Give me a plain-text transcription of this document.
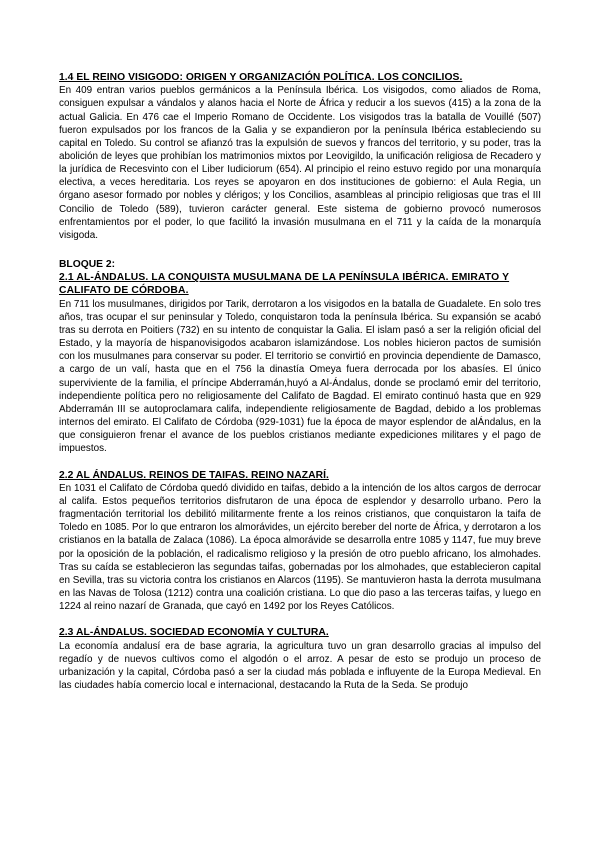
1.4 EL REINO VISIGODO: ORIGEN Y ORGANIZACIÓN POLÍTICA. LOS CONCILIOS.

En 409 entran varios pueblos germánicos a la Península Ibérica. Los visigodos, como aliados de Roma, consiguen expulsar a vándalos y alanos hacia el Norte de África y reducir a los suevos (415) a la zona de la actual Galicia. En 476 cae el Imperio Romano de Occidente. Los visigodos tras la batalla de Vouillé (507) fueron expulsados por los francos de la Galia y se expandieron por la península Ibérica estableciendo su capital en Toledo. Su control se afianzó tras la expulsión de suevos y francos del territorio, y su poder, tras la abolición de leyes que prohibían los matrimonios mixtos por Leovigildo, la unificación religiosa de Recadero y la jurídica de Recesvinto con el Liber Iudiciorum (654). Al principio el reino estuvo regido por una monarquía electiva, a veces hereditaria. Los reyes se apoyaron en dos instituciones de gobierno: el Aula Regia, un órgano asesor formado por nobles y clérigos; y los Concilios, asambleas al principio religiosas que tras el III Concilio de Toledo (589), tuvieron carácter general. Este sistema de gobierno provocó numerosos enfrentamientos por el poder, lo que facilitó la invasión musulmana en el 711 y la caída de la monarquía visigoda.

BLOQUE 2:

2.1 AL-ÁNDALUS. LA CONQUISTA MUSULMANA DE LA PENÍNSULA IBÉRICA. EMIRATO Y CALIFATO DE CÓRDOBA.

En 711 los musulmanes, dirigidos por Tarik, derrotaron a los visigodos en la batalla de Guadalete. En solo tres años, tras ocupar el sur peninsular y Toledo, conquistaron toda la península Ibérica. Su expansión se acabó tras su derrota en Poitiers (732) en su intento de conquistar la Galia. El islam pasó a ser la religión oficial del Estado, y la mayoría de hispanovisigodos acabaron islamizándose. Los nobles hicieron pactos de sumisión con los musulmanes para conservar su poder. El territorio se convirtió en provincia dependiente de Damasco, a cargo de un valí, hasta que en el 756 la dinastía Omeya fuera derrocada por los abasíes. El único superviviente de la familia, el príncipe Abderramán,huyó a Al-Ándalus, donde se proclamó emir del territorio, independiente política pero no religiosamente del Califato de Bagdad. El emirato continuó hasta que en 929 Abderramán III se autoproclamara califa, independiente religiosamente de Bagdad, debido a los problemas internos del emirato. El Califato de Córdoba (929-1031) fue la época de mayor esplendor de alÁndalus, en la que consiguieron frenar el avance de los pueblos cristianos mediante expediciones militares y el pago de impuestos.

2.2 AL ÁNDALUS. REINOS DE TAIFAS. REINO NAZARÍ.

En 1031 el Califato de Córdoba quedó dividido en taifas, debido a la intención de los altos cargos de derrocar al califa. Estos pequeños territorios disfrutaron de una época de esplendor y desarrollo urbano. Pero la fragmentación territorial los debilitó militarmente frente a los reinos cristianos, que conquistaron la taifa de Toledo en 1085. Por lo que entraron los almorávides, un ejército bereber del norte de África, y derrotaron a los cristianos en la batalla de Zalaca (1086). La época almorávide se desarrolla entre 1085 y 1147, fue muy breve por la oposición de la población, el radicalismo religioso y la presión de otro pueblo africano, los almohades. Tras su caída se establecieron las segundas taifas, gobernadas por los almohades, que establecieron capital en Sevilla, tras su victoria contra los cristianos en Alarcos (1195). Se mantuvieron hasta la derrota musulmana en las Navas de Tolosa (1212) contra una coalición cristiana. Lo que dio paso a las terceras taifas, y luego en 1224 al reino nazarí de Granada, que cayó en 1492 por los Reyes Católicos.

2.3 AL-ÁNDALUS. SOCIEDAD ECONOMÍA Y CULTURA.

La economía andalusí era de base agraria, la agricultura tuvo un gran desarrollo gracias al impulso del regadío y de nuevos cultivos como el algodón o el arroz. A pesar de esto se produjo un proceso de urbanización y la capital, Córdoba pasó a ser la ciudad más poblada e influyente de la Europa Medieval. En las ciudades había comercio local e internacional, destacando la Ruta de la Seda. Se produjo
